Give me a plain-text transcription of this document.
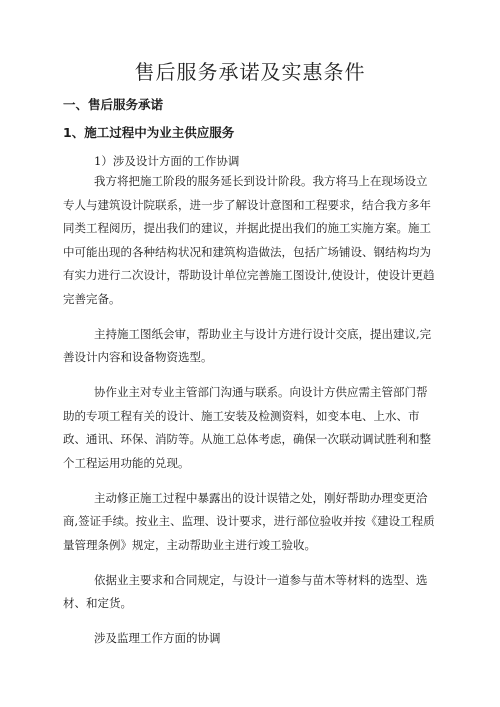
售后服务承诺及实惠条件
一、售后服务承诺
1、施工过程中为业主供应服务
1）涉及设计方面的工作协调

我方将把施工阶段的服务延长到设计阶段。我方将马上在现场设立专人与建筑设计院联系，进一步了解设计意图和工程要求，结合我方多年同类工程阅历，提出我们的建议，并据此提出我们的施工实施方案。施工中可能出现的各种结构状况和建筑构造做法，包括广场铺设、钢结构均为有实力进行二次设计，帮助设计单位完善施工图设计,使设计，使设计更趋完善完备。

主持施工图纸会审，帮助业主与设计方进行设计交底，提出建议,完善设计内容和设备物资选型。

协作业主对专业主管部门沟通与联系。向设计方供应需主管部门帮助的专项工程有关的设计、施工安装及检测资料，如变本电、上水、市政、通讯、环保、消防等。从施工总体考虑，确保一次联动调试胜利和整个工程运用功能的兑现。

主动修正施工过程中暴露出的设计误错之处，刚好帮助办理变更洽商,签证手续。按业主、监理、设计要求，进行部位验收并按《建设工程质量管理条例》规定，主动帮助业主进行竣工验收。

依据业主要求和合同规定，与设计一道参与苗木等材料的选型、选材、和定货。

涉及监理工作方面的协调
